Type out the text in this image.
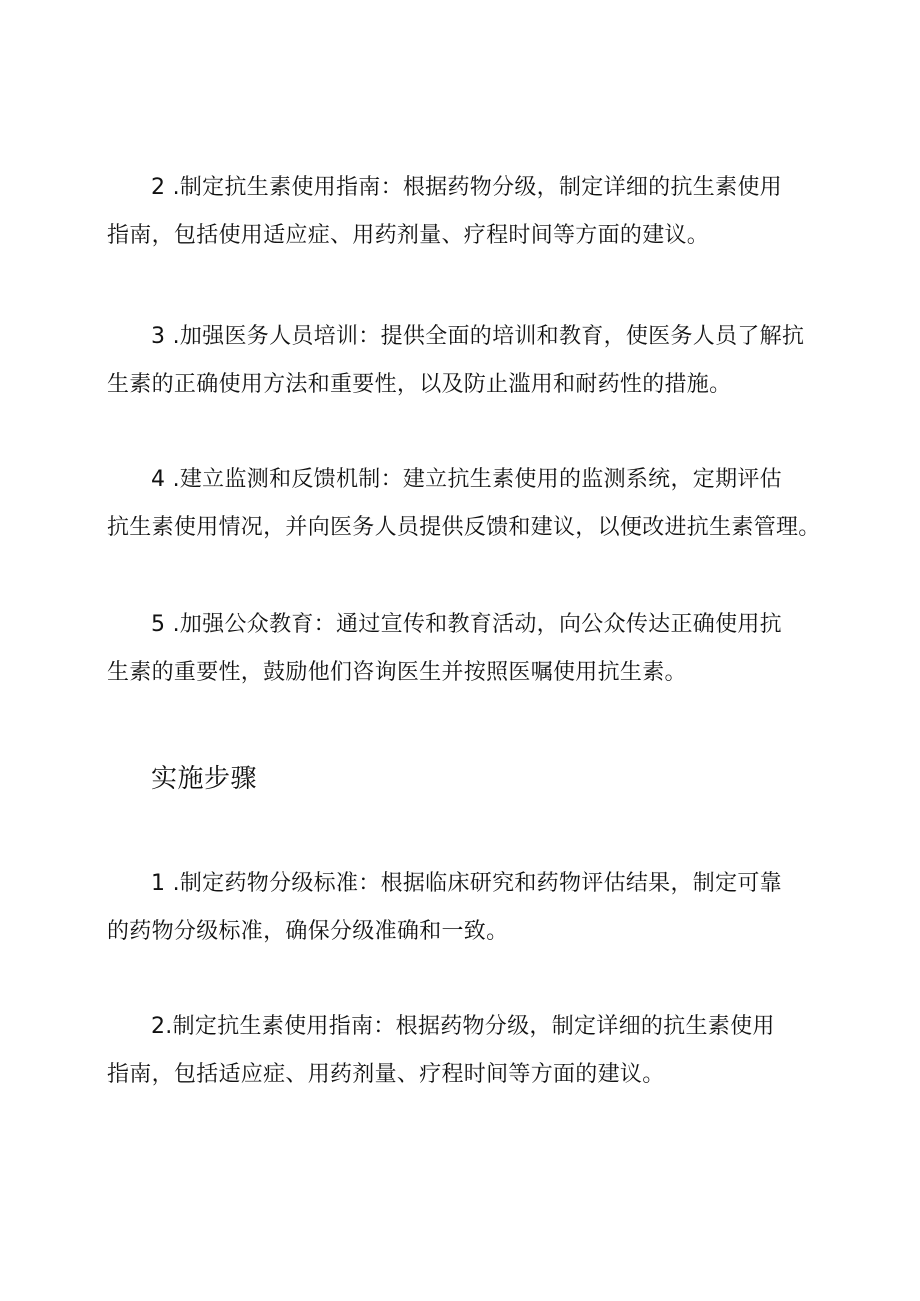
2 .制定抗生素使用指南：根据药物分级，制定详细的抗生素使用
指南，包括使用适应症、用药剂量、疗程时间等方面的建议。
3 .加强医务人员培训：提供全面的培训和教育，使医务人员了解抗
生素的正确使用方法和重要性，以及防止滥用和耐药性的措施。
4 .建立监测和反馈机制：建立抗生素使用的监测系统，定期评估
抗生素使用情况，并向医务人员提供反馈和建议，以便改进抗生素管理。
5 .加强公众教育：通过宣传和教育活动，向公众传达正确使用抗
生素的重要性，鼓励他们咨询医生并按照医嘱使用抗生素。
实施步骤
1 .制定药物分级标准：根据临床研究和药物评估结果，制定可靠
的药物分级标准，确保分级准确和一致。
2.制定抗生素使用指南：根据药物分级，制定详细的抗生素使用
指南，包括适应症、用药剂量、疗程时间等方面的建议。
